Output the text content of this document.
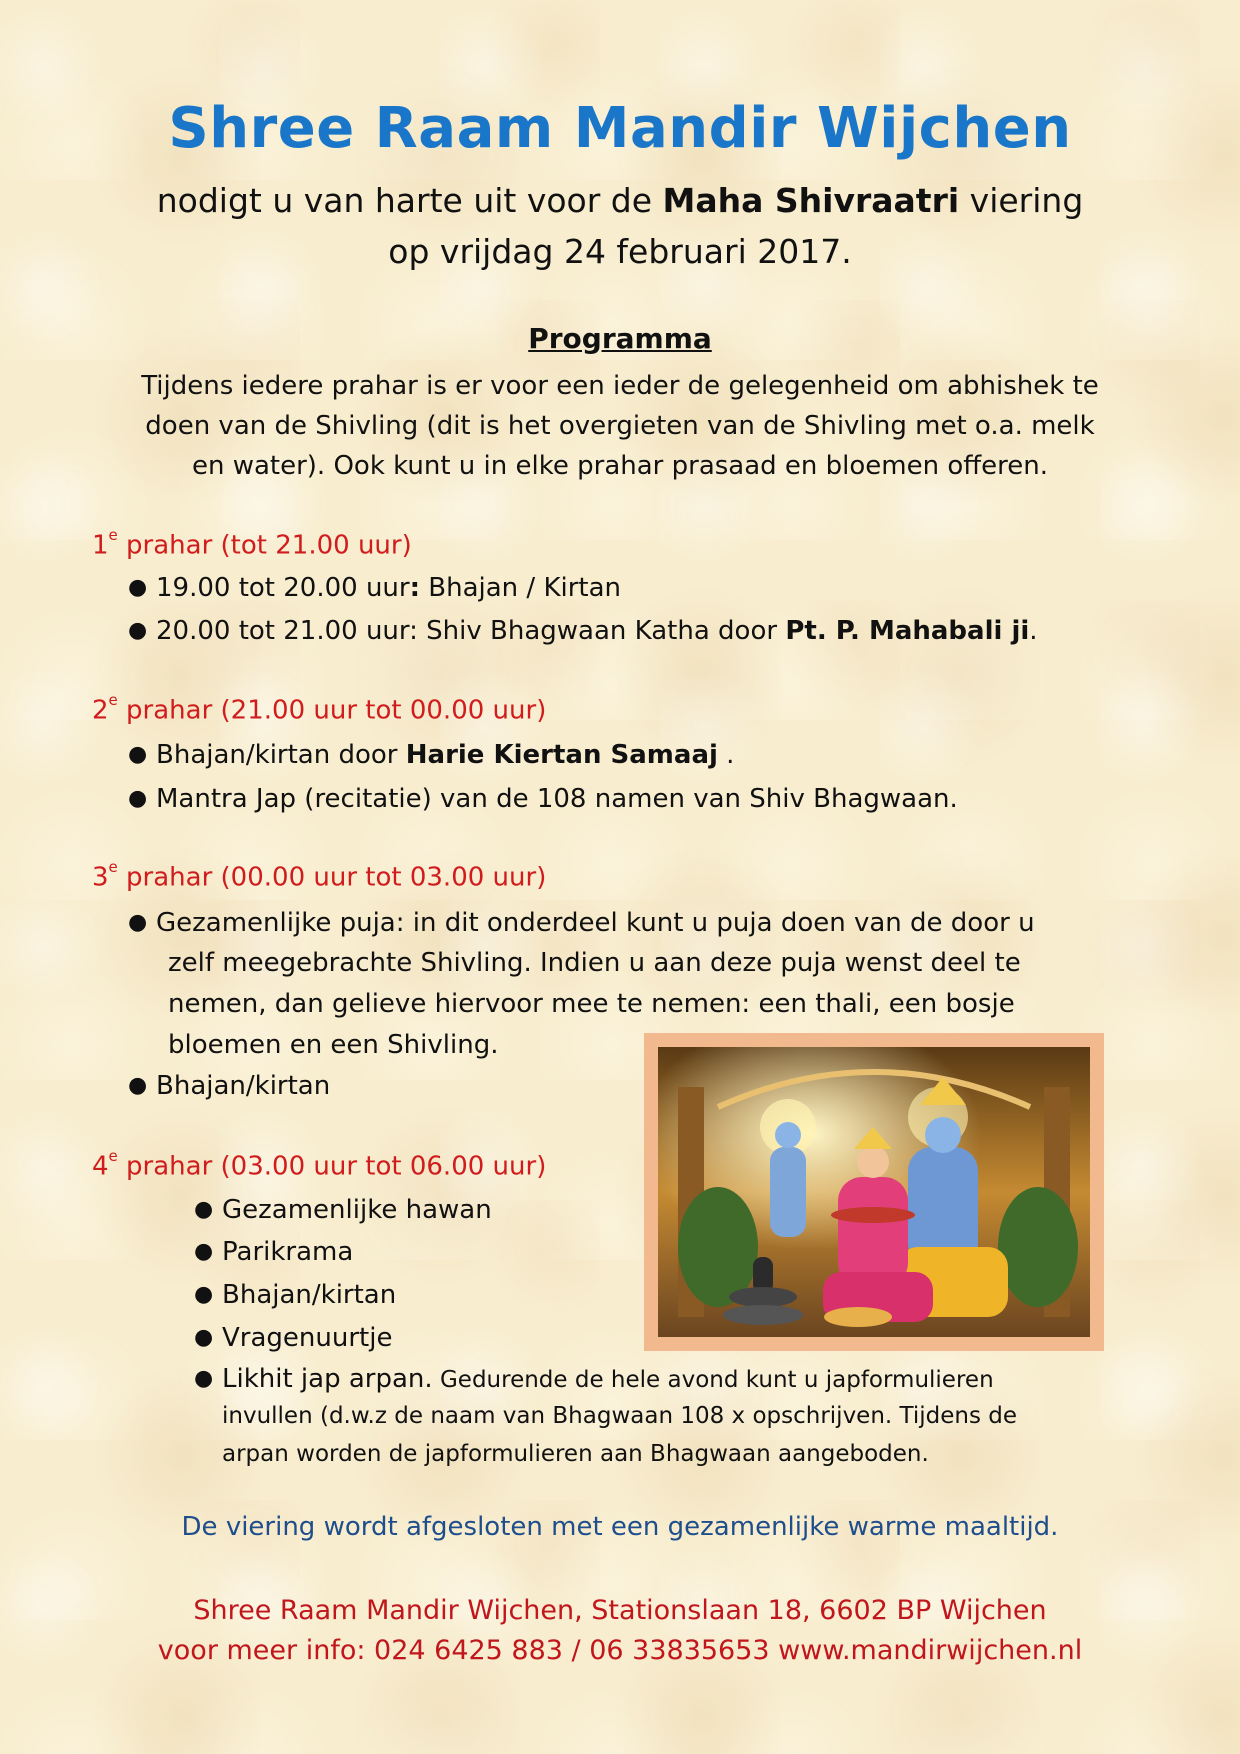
Shree Raam Mandir Wijchen
nodigt u van harte uit voor de Maha Shivraatri viering
op vrijdag 24 februari 2017.
Programma
Tijdens iedere prahar is er voor een ieder de gelegenheid om abhishek te
doen van de Shivling (dit is het overgieten van de Shivling met o.a. melk
en water). Ook kunt u in elke prahar prasaad en bloemen offeren.
1e prahar (tot 21.00 uur)
● 19.00 tot 20.00 uur: Bhajan / Kirtan
● 20.00 tot 21.00 uur: Shiv Bhagwaan Katha door Pt. P. Mahabali ji.
2e prahar (21.00 uur tot 00.00 uur)
● Bhajan/kirtan door Harie Kiertan Samaaj .
Mantra Jap (recitatie) van de 108 namen van Shiv Bhagwaan.
●
3e prahar (00.00 uur tot 03.00 uur)
● Gezamenlijke puja: in dit onderdeel kunt u puja doen van de door u
zelf meegebrachte Shivling. Indien u aan deze puja wenst deel te
nemen, dan gelieve hiervoor mee te nemen: een thali, een bosje
bloemen en een Shivling.
● Bhajan/kirtan
4e prahar (03.00 uur tot 06.00 uur)
● Gezamenlijke hawan
● Parikrama
● Bhajan/kirtan
● Vragenuurtje
● Likhit jap arpan. Gedurende de hele avond kunt u japformulieren
invullen (d.w.z de naam van Bhagwaan 108 x opschrijven. Tijdens de
arpan worden de japformulieren aan Bhagwaan aangeboden.
De viering wordt afgesloten met een gezamenlijke warme maaltijd.
Shree Raam Mandir Wijchen, Stationslaan 18, 6602 BP Wijchen
voor meer info: 024 6425 883 / 06 33835653 www.mandirwijchen.nl
